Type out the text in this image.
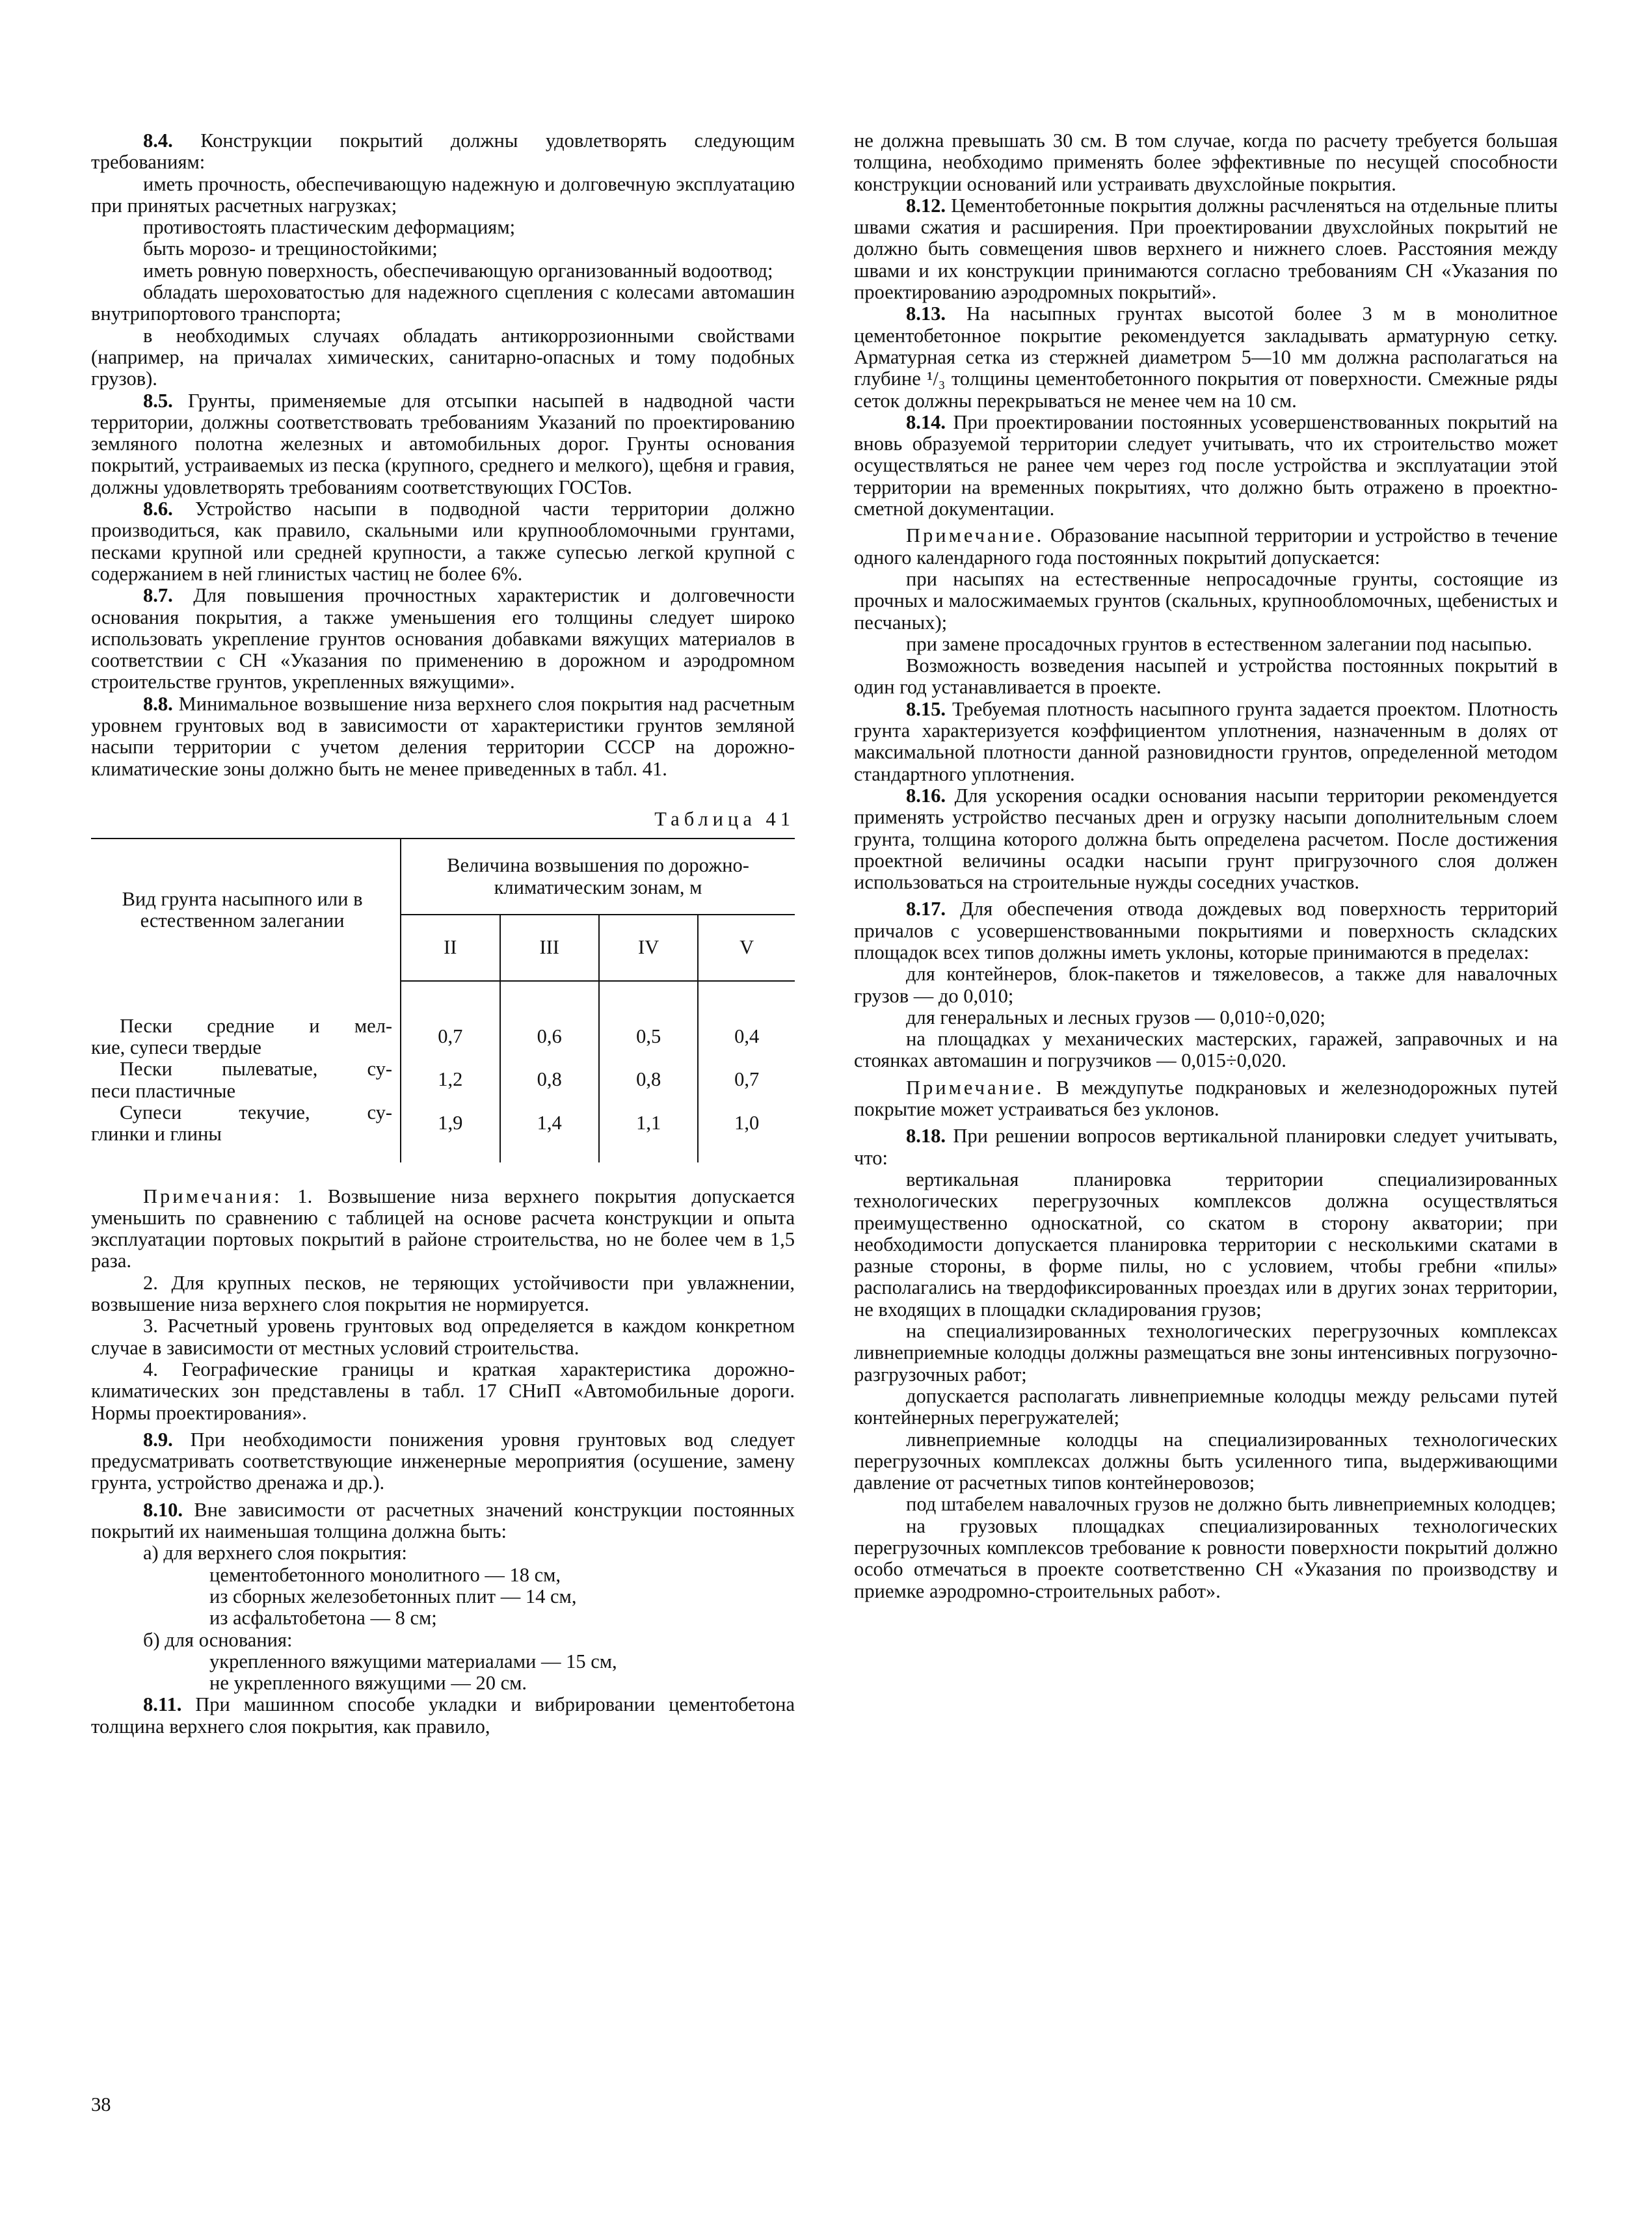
8.4. Конструкции покрытий должны удовлетворять следующим требованиям:

иметь прочность, обеспечивающую надежную и долговечную эксплуатацию при принятых расчетных нагрузках;

противостоять пластическим деформациям;

быть морозо- и трещиностойкими;

иметь ровную поверхность, обеспечивающую организованный водоотвод;

обладать шероховатостью для надежного сцепления с колесами автомашин внутрипортового транспорта;

в необходимых случаях обладать антикоррозионными свойствами (например, на причалах химических, санитарно-опасных и тому подобных грузов).

8.5. Грунты, применяемые для отсыпки насыпей в надводной части территории, должны соответствовать требованиям Указаний по проектированию земляного полотна железных и автомобильных дорог. Грунты основания покрытий, устраиваемых из песка (крупного, среднего и мелкого), щебня и гравия, должны удовлетворять требованиям соответствующих ГОСТов.

8.6. Устройство насыпи в подводной части территории должно производиться, как правило, скальными или крупнообломочными грунтами, песками крупной или средней крупности, а также супесью легкой крупной с содержанием в ней глинистых частиц не более 6%.

8.7. Для повышения прочностных характеристик и долговечности основания покрытия, а также уменьшения его толщины следует широко использовать укрепление грунтов основания добавками вяжущих материалов в соответствии с СН «Указания по применению в дорожном и аэродромном строительстве грунтов, укрепленных вяжущими».

8.8. Минимальное возвышение низа верхнего слоя покрытия над расчетным уровнем грунтовых вод в зависимости от характеристики грунтов земляной насыпи территории с учетом деления территории СССР на дорожно-климатические зоны должно быть не менее приведенных в табл. 41.

Таблица 41
Вид грунта насыпного или в естественном залегании	Величина возвышения по дорожно-климатическим зонам, м			
	II	III	IV	V

Пески средние и мел-
кие, супеси твердые	0,7	0,6	0,5	0,4

Пески пылеватые, су-
песи пластичные	1,2	0,8	0,8	0,7

Супеси текучие, су-
глинки и глины	1,9	1,4	1,1	1,0

Примечания: 1. Возвышение низа верхнего покрытия допускается уменьшить по сравнению с таблицей на основе расчета конструкции и опыта эксплуатации портовых покрытий в районе строительства, но не более чем в 1,5 раза.

2. Для крупных песков, не теряющих устойчивости при увлажнении, возвышение низа верхнего слоя покрытия не нормируется.

3. Расчетный уровень грунтовых вод определяется в каждом конкретном случае в зависимости от местных условий строительства.

4. Географические границы и краткая характеристика дорожно-климатических зон представлены в табл. 17 СНиП «Автомобильные дороги. Нормы проектирования».

8.9. При необходимости понижения уровня грунтовых вод следует предусматривать соответствующие инженерные мероприятия (осушение, замену грунта, устройство дренажа и др.).

8.10. Вне зависимости от расчетных значений конструкции постоянных покрытий их наименьшая толщина должна быть:

а) для верхнего слоя покрытия:
цементобетонного монолитного — 18 см,
из сборных железобетонных плит — 14 см,
из асфальтобетона — 8 см;
б) для основания:
укрепленного вяжущими материалами — 15 см,
не укрепленного вяжущими — 20 см.

8.11. При машинном способе укладки и вибрировании цементобетона толщина верхнего слоя покрытия, как правило,

не должна превышать 30 см. В том случае, когда по расчету требуется большая толщина, необходимо применять более эффективные по несущей способности конструкции оснований или устраивать двухслойные покрытия.

8.12. Цементобетонные покрытия должны расчленяться на отдельные плиты швами сжатия и расширения. При проектировании двухслойных покрытий не должно быть совмещения швов верхнего и нижнего слоев. Расстояния между швами и их конструкции принимаются согласно требованиям СН «Указания по проектированию аэродромных покрытий».

8.13. На насыпных грунтах высотой более 3 м в монолитное цементобетонное покрытие рекомендуется закладывать арматурную сетку. Арматурная сетка из стержней диаметром 5—10 мм должна располагаться на глубине ¹/₃ толщины цементобетонного покрытия от поверхности. Смежные ряды сеток должны перекрываться не менее чем на 10 см.

8.14. При проектировании постоянных усовершенствованных покрытий на вновь образуемой территории следует учитывать, что их строительство может осуществляться не ранее чем через год после устройства и эксплуатации этой территории на временных покрытиях, что должно быть отражено в проектно-сметной документации.

Примечание. Образование насыпной территории и устройство в течение одного календарного года постоянных покрытий допускается:

при насыпях на естественные непросадочные грунты, состоящие из прочных и малосжимаемых грунтов (скальных, крупнообломочных, щебенистых и песчаных);

при замене просадочных грунтов в естественном залегании под насыпью.

Возможность возведения насыпей и устройства постоянных покрытий в один год устанавливается в проекте.

8.15. Требуемая плотность насыпного грунта задается проектом. Плотность грунта характеризуется коэффициентом уплотнения, назначенным в долях от максимальной плотности данной разновидности грунтов, определенной методом стандартного уплотнения.

8.16. Для ускорения осадки основания насыпи территории рекомендуется применять устройство песчаных дрен и огрузку насыпи дополнительным слоем грунта, толщина которого должна быть определена расчетом. После достижения проектной величины осадки насыпи грунт пригрузочного слоя должен использоваться на строительные нужды соседних участков.

8.17. Для обеспечения отвода дождевых вод поверхность территорий причалов с усовершенствованными покрытиями и поверхность складских площадок всех типов должны иметь уклоны, которые принимаются в пределах:

для контейнеров, блок-пакетов и тяжеловесов, а также для навалочных грузов — до 0,010;

для генеральных и лесных грузов — 0,010÷0,020;

на площадках у механических мастерских, гаражей, заправочных и на стоянках автомашин и погрузчиков — 0,015÷0,020.

Примечание. В междупутье подкрановых и железнодорожных путей покрытие может устраиваться без уклонов.

8.18. При решении вопросов вертикальной планировки следует учитывать, что:

вертикальная планировка территории специализированных технологических перегрузочных комплексов должна осуществляться преимущественно односкатной, со скатом в сторону акватории; при необходимости допускается планировка территории с несколькими скатами в разные стороны, в форме пилы, но с условием, чтобы гребни «пилы» располагались на твердофиксированных проездах или в других зонах территории, не входящих в площадки складирования грузов;

на специализированных технологических перегрузочных комплексах ливнеприемные колодцы должны размещаться вне зоны интенсивных погрузочно-разгрузочных работ;

допускается располагать ливнеприемные колодцы между рельсами путей контейнерных перегружателей;

ливнеприемные колодцы на специализированных технологических перегрузочных комплексах должны быть усиленного типа, выдерживающими давление от расчетных типов контейнеровозов;

под штабелем навалочных грузов не должно быть ливнеприемных колодцев;

на грузовых площадках специализированных технологических перегрузочных комплексов требование к ровности поверхности покрытий должно особо отмечаться в проекте соответственно СН «Указания по производству и приемке аэродромно-строительных работ».

38
